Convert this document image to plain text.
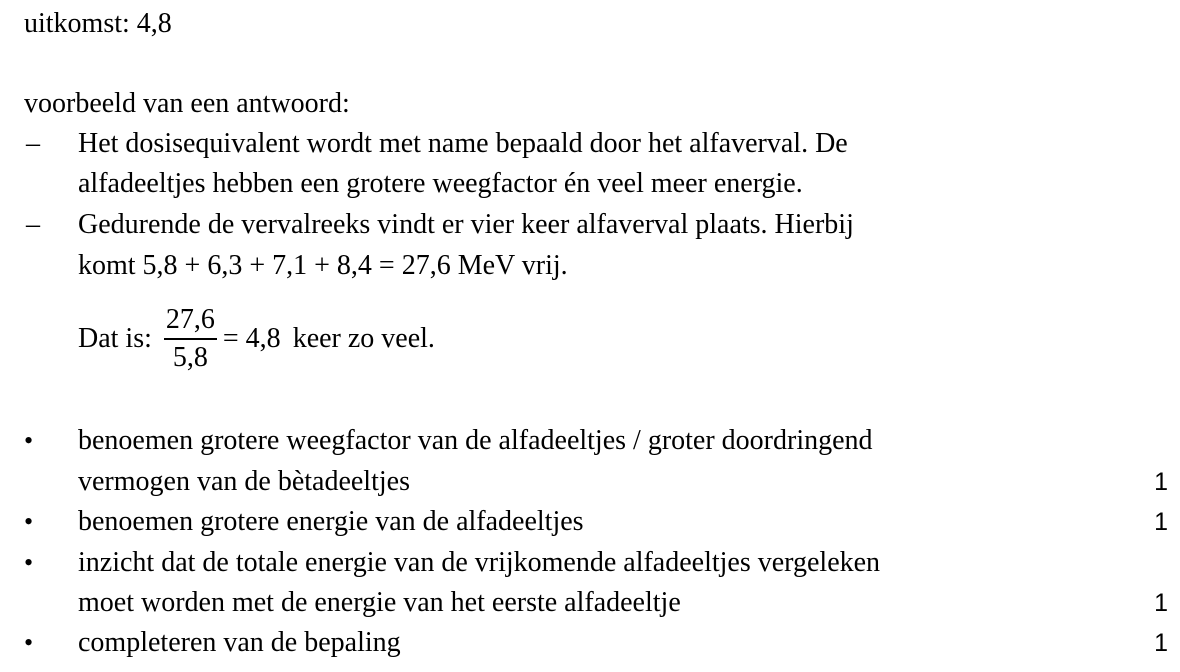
uitkomst: 4,8
voorbeeld van een antwoord:
– Het dosisequivalent wordt met name bepaald door het alfaverval. De
alfadeeltjes hebben een grotere weegfactor én veel meer energie.
– Gedurende de vervalreeks vindt er vier keer alfaverval plaats. Hierbij
komt 5,8 + 6,3 + 7,1 + 8,4 = 27,6 MeV vrij.
Dat is: $\frac{27,6}{5,8} = 4,8$ keer zo veel.
• benoemen grotere weegfactor van de alfadeeltjes / groter doordringend
vermogen van de bètadeeltjes	1
• benoemen grotere energie van de alfadeeltjes	1
• inzicht dat de totale energie van de vrijkomende alfadeeltjes vergeleken
moet worden met de energie van het eerste alfadeeltje	1
• completeren van de bepaling	1
